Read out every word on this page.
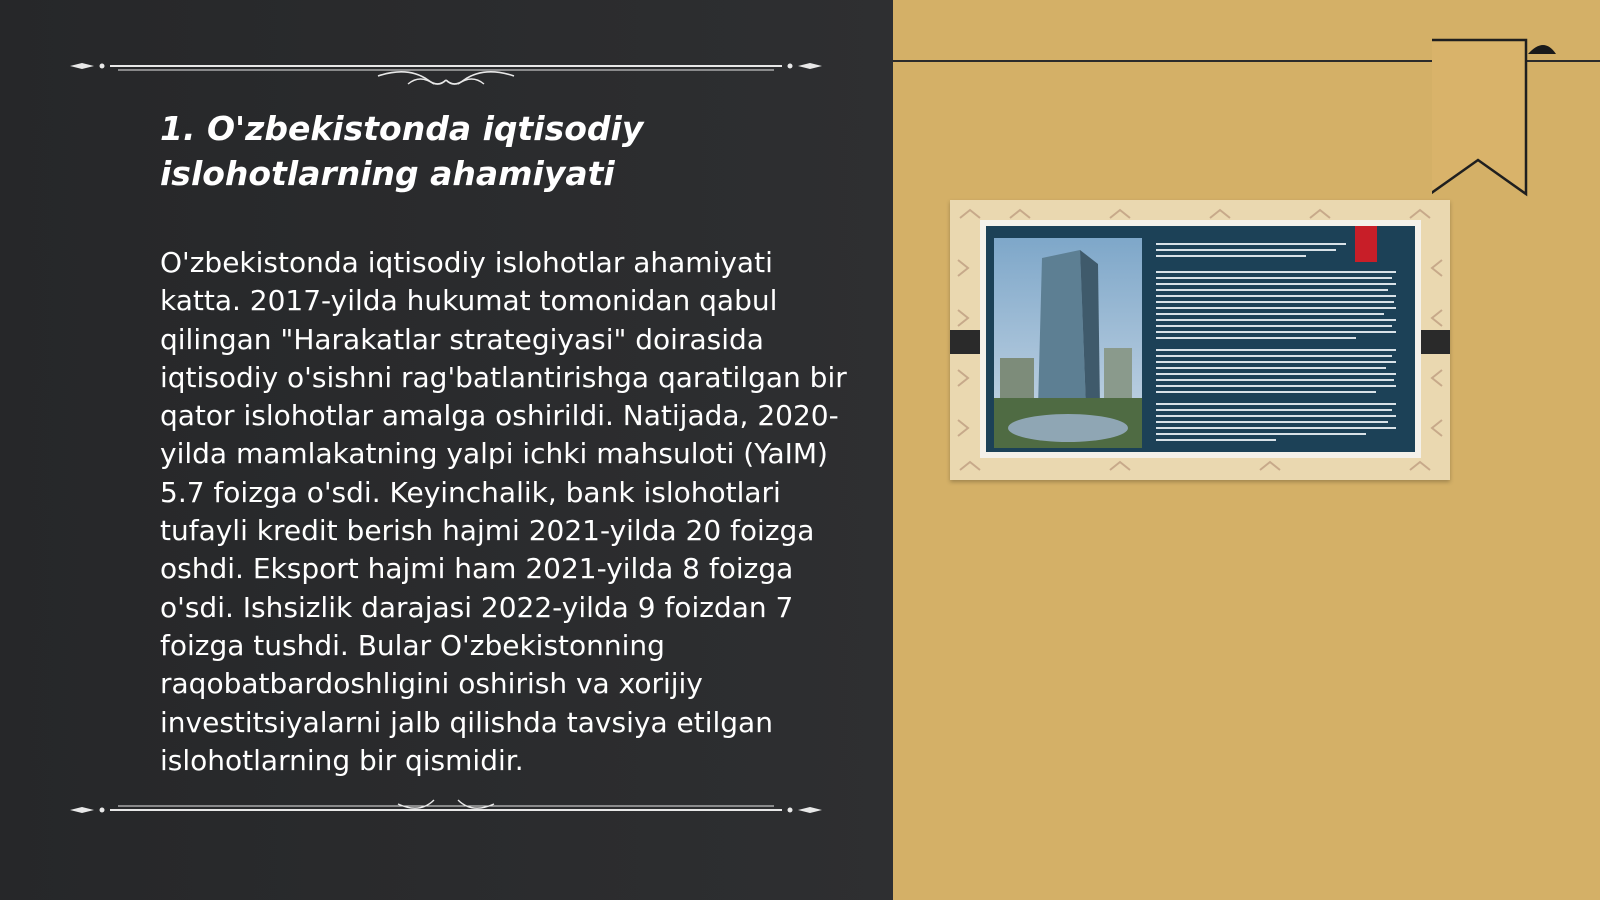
1. O'zbekistonda iqtisodiy islohotlarning ahamiyati

O'zbekistonda iqtisodiy islohotlar ahamiyati katta. 2017-yilda hukumat tomonidan qabul qilingan "Harakatlar strategiyasi" doirasida iqtisodiy o'sishni rag'batlantirishga qaratilgan bir qator islohotlar amalga oshirildi. Natijada, 2020-yilda mamlakatning yalpi ichki mahsuloti (YaIM) 5.7 foizga o'sdi. Keyinchalik, bank islohotlari tufayli kredit berish hajmi 2021-yilda 20 foizga oshdi. Eksport hajmi ham 2021-yilda 8 foizga o'sdi. Ishsizlik darajasi 2022-yilda 9 foizdan 7 foizga tushdi. Bular O'zbekistonning raqobatbardoshligini oshirish va xorijiy investitsiyalarni jalb qilishda tavsiya etilgan islohotlarning bir qismidir.
